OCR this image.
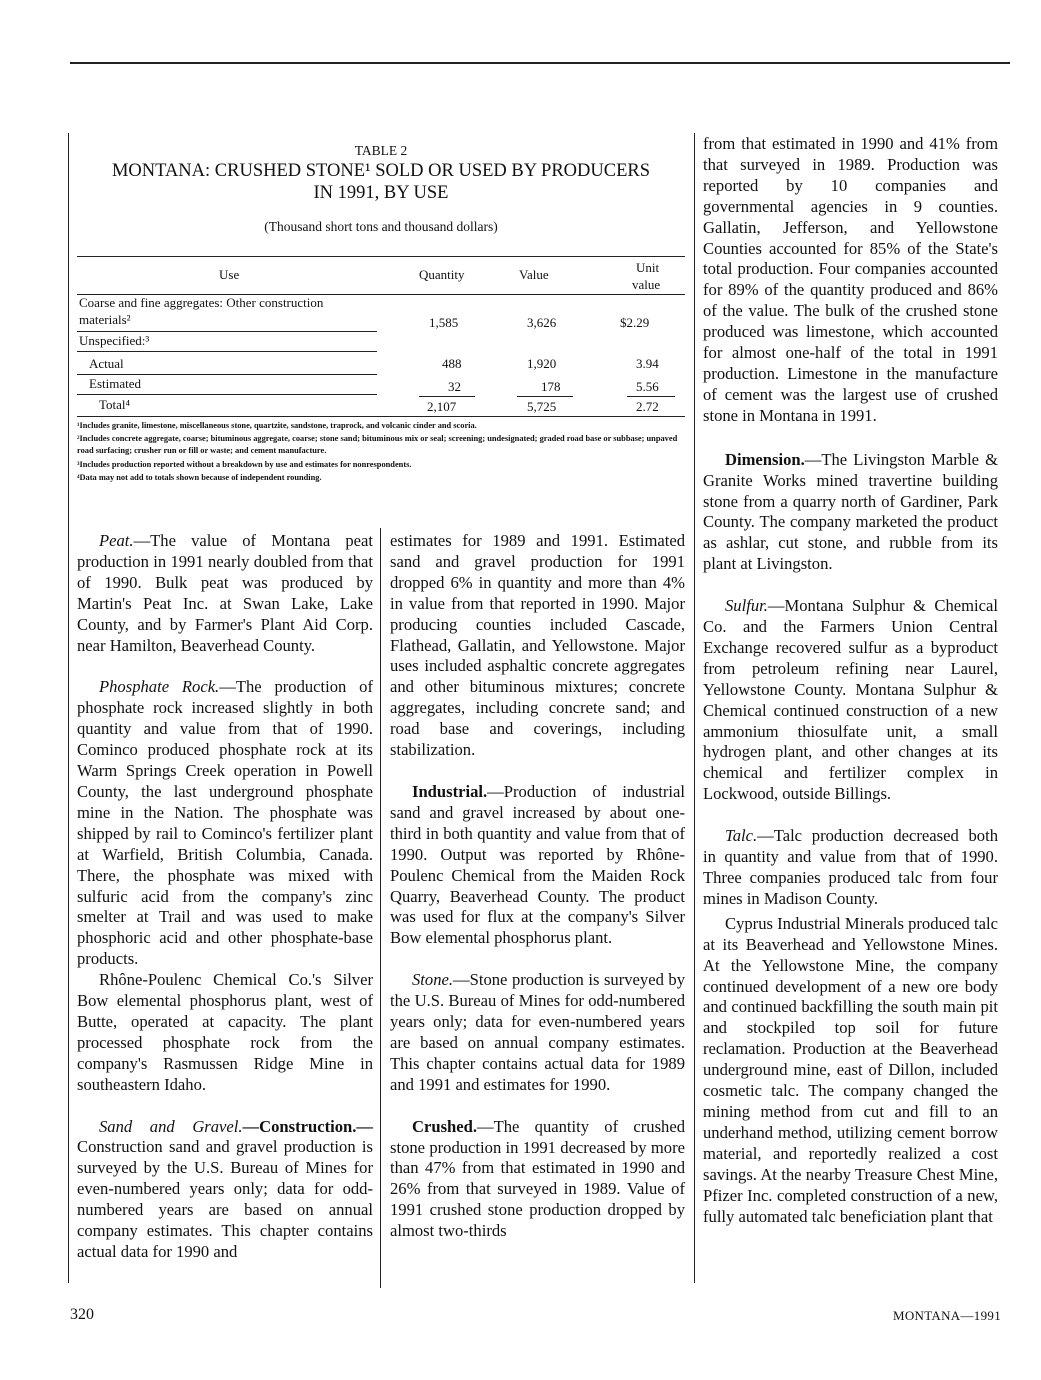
TABLE 2
MONTANA: CRUSHED STONE¹ SOLD OR USED BY PRODUCERS
IN 1991, BY USE
(Thousand short tons and thousand dollars)
Use	Quantity	Value	Unit
value
Coarse and fine aggregates: Other construction
materials²	1,585	3,626	$2.29
Unspecified:³
Actual	488	1,920	3.94
Estimated	32	178	5.56
Total⁴	2,107	5,725	2.72
¹Includes granite, limestone, miscellaneous stone, quartzite, sandstone, traprock, and volcanic cinder and scoria.
²Includes concrete aggregate, coarse; bituminous aggregate, coarse; stone sand; bituminous mix or seal; screening; undesignated; graded road base or subbase; unpaved road surfacing; crusher run or fill or waste; and cement manufacture.
³Includes production reported without a breakdown by use and estimates for nonrespondents.
⁴Data may not add to totals shown because of independent rounding.

Peat.—The value of Montana peat production in 1991 nearly doubled from that of 1990. Bulk peat was produced by Martin's Peat Inc. at Swan Lake, Lake County, and by Farmer's Plant Aid Corp. near Hamilton, Beaverhead County.

Phosphate Rock.—The production of phosphate rock increased slightly in both quantity and value from that of 1990. Cominco produced phosphate rock at its Warm Springs Creek operation in Powell County, the last underground phosphate mine in the Nation. The phosphate was shipped by rail to Cominco's fertilizer plant at Warfield, British Columbia, Canada. There, the phosphate was mixed with sulfuric acid from the company's zinc smelter at Trail and was used to make phosphoric acid and other phosphate-base products.

Rhône-Poulenc Chemical Co.'s Silver Bow elemental phosphorus plant, west of Butte, operated at capacity. The plant processed phosphate rock from the company's Rasmussen Ridge Mine in southeastern Idaho.

Sand and Gravel.—Construction.— Construction sand and gravel production is surveyed by the U.S. Bureau of Mines for even-numbered years only; data for odd-numbered years are based on annual company estimates. This chapter contains actual data for 1990 and

estimates for 1989 and 1991. Estimated sand and gravel production for 1991 dropped 6% in quantity and more than 4% in value from that reported in 1990. Major producing counties included Cascade, Flathead, Gallatin, and Yellowstone. Major uses included asphaltic concrete aggregates and other bituminous mixtures; concrete aggregates, including concrete sand; and road base and coverings, including stabilization.

Industrial.—Production of industrial sand and gravel increased by about one-third in both quantity and value from that of 1990. Output was reported by Rhône-Poulenc Chemical from the Maiden Rock Quarry, Beaverhead County. The product was used for flux at the company's Silver Bow elemental phosphorus plant.

Stone.—Stone production is surveyed by the U.S. Bureau of Mines for odd-numbered years only; data for even-numbered years are based on annual company estimates. This chapter contains actual data for 1989 and 1991 and estimates for 1990.

Crushed.—The quantity of crushed stone production in 1991 decreased by more than 47% from that estimated in 1990 and 26% from that surveyed in 1989. Value of 1991 crushed stone production dropped by almost two-thirds

from that estimated in 1990 and 41% from that surveyed in 1989. Production was reported by 10 companies and governmental agencies in 9 counties. Gallatin, Jefferson, and Yellowstone Counties accounted for 85% of the State's total production. Four companies accounted for 89% of the quantity produced and 86% of the value. The bulk of the crushed stone produced was limestone, which accounted for almost one-half of the total in 1991 production. Limestone in the manufacture of cement was the largest use of crushed stone in Montana in 1991.

Dimension.—The Livingston Marble & Granite Works mined travertine building stone from a quarry north of Gardiner, Park County. The company marketed the product as ashlar, cut stone, and rubble from its plant at Livingston.

Sulfur.—Montana Sulphur & Chemical Co. and the Farmers Union Central Exchange recovered sulfur as a byproduct from petroleum refining near Laurel, Yellowstone County. Montana Sulphur & Chemical continued construction of a new ammonium thiosulfate unit, a small hydrogen plant, and other changes at its chemical and fertilizer complex in Lockwood, outside Billings.

Talc.—Talc production decreased both in quantity and value from that of 1990. Three companies produced talc from four mines in Madison County.

Cyprus Industrial Minerals produced talc at its Beaverhead and Yellowstone Mines. At the Yellowstone Mine, the company continued development of a new ore body and continued backfilling the south main pit and stockpiled top soil for future reclamation. Production at the Beaverhead underground mine, east of Dillon, included cosmetic talc. The company changed the mining method from cut and fill to an underhand method, utilizing cement borrow material, and reportedly realized a cost savings. At the nearby Treasure Chest Mine, Pfizer Inc. completed construction of a new, fully automated talc beneficiation plant that

320	MONTANA—1991
